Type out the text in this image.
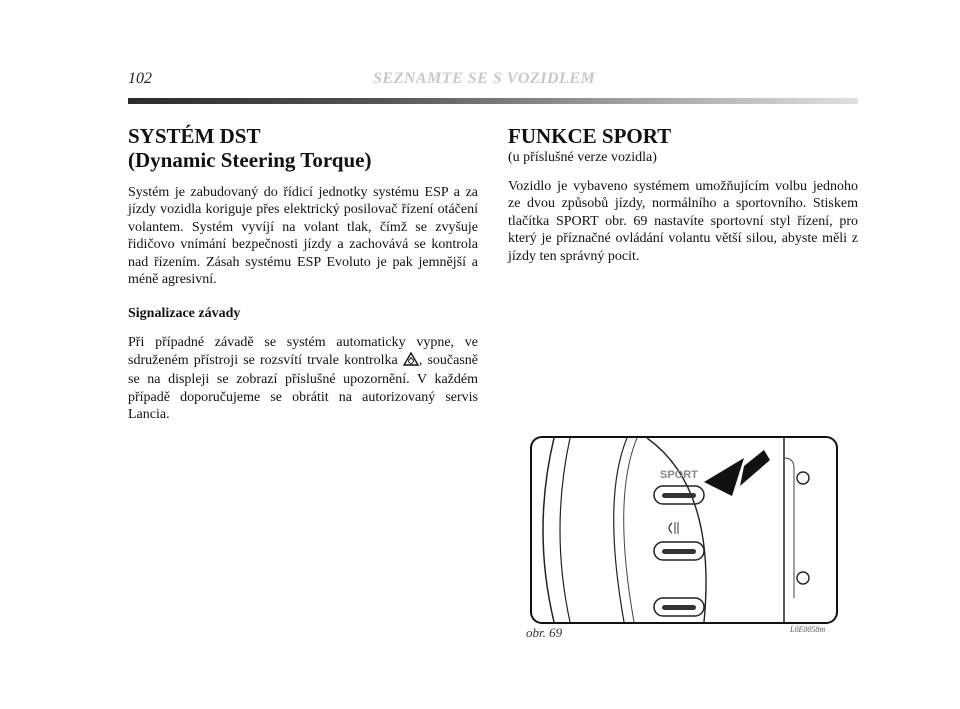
102	SEZNAMTE SE S VOZIDLEM
SYSTÉM DST
(Dynamic Steering Torque)

Systém je zabudovaný do řídicí jednotky systému ESP a za jízdy vozidla koriguje přes elektrický posilovač řízení otáčení volantem. Systém vyvíjí na volant tlak, čímž se zvyšuje řidičovo vnímání bezpečnosti jízdy a zachovává se kontrola nad řízením. Zásah systému ESP Evoluto je pak jemnější a méně agresivní.

Signalizace závady

Při případné závadě se systém automaticky vypne, ve sdruženém přístroji se rozsvítí trvale kontrolka , současně se na displeji se zobrazí příslušné upozornění. V každém případě doporučujeme se obrátit na autorizovaný servis Lancia.

FUNKCE SPORT
(u příslušné verze vozidla)

Vozidlo je vybaveno systémem umožňujícím volbu jednoho ze dvou způsobů jízdy, normálního a sportovního. Stiskem tlačítka SPORT obr. 69 nastavíte sportovní styl řízení, pro který je příznačné ovládání volantu větší silou, abyste měli z jízdy ten správný pocit.

SPORT
obr. 69	L0E0058m
